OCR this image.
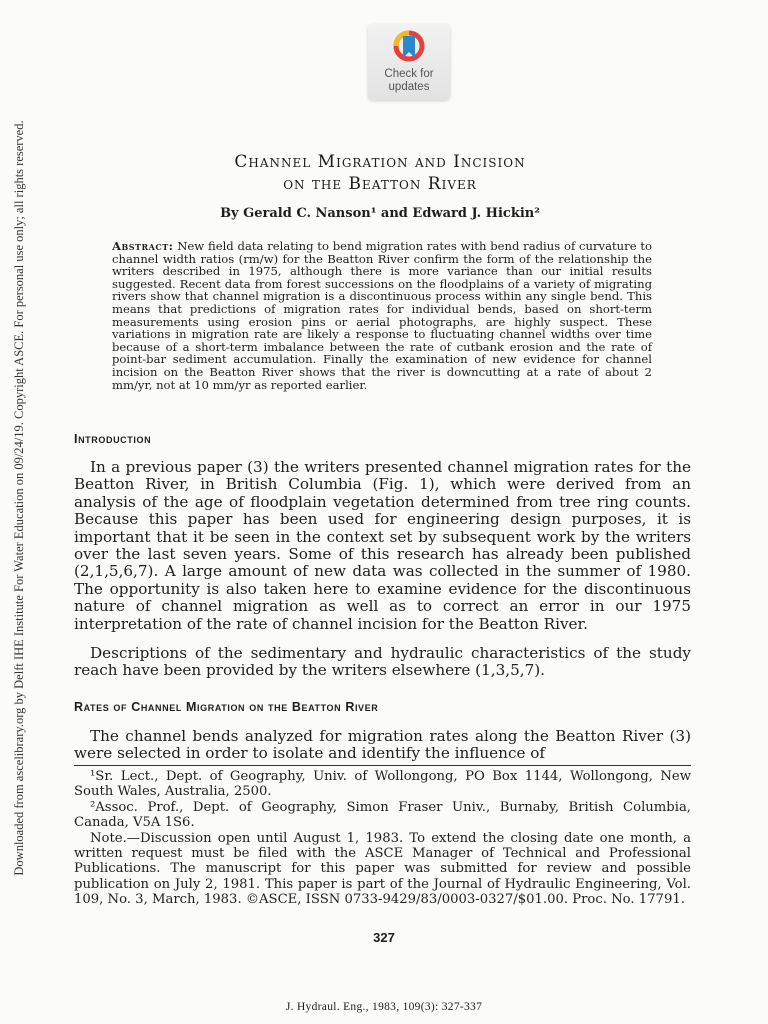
Downloaded from ascelibrary.org by Delft IHE Institute For Water Education on 09/24/19. Copyright ASCE. For personal use only; all rights reserved.
Check for
updates
Channel Migration and Incision
on the Beatton River
By Gerald C. Nanson¹ and Edward J. Hickin²
Abstract: New field data relating to bend migration rates with bend radius of curvature to channel width ratios (rm/w) for the Beatton River confirm the form of the relationship the writers described in 1975, although there is more variance than our initial results suggested. Recent data from forest successions on the floodplains of a variety of migrating rivers show that channel migration is a discontinuous process within any single bend. This means that predictions of migration rates for individual bends, based on short-term measurements using erosion pins or aerial photographs, are highly suspect. These variations in migration rate are likely a response to fluctuating channel widths over time because of a short-term imbalance between the rate of cutbank erosion and the rate of point-bar sediment accumulation. Finally the examination of new evidence for channel incision on the Beatton River shows that the river is downcutting at a rate of about 2 mm/yr, not at 10 mm/yr as reported earlier.
Introduction

In a previous paper (3) the writers presented channel migration rates for the Beatton River, in British Columbia (Fig. 1), which were derived from an analysis of the age of floodplain vegetation determined from tree ring counts. Because this paper has been used for engineering design purposes, it is important that it be seen in the context set by subsequent work by the writers over the last seven years. Some of this research has already been published (2,1,5,6,7). A large amount of new data was collected in the summer of 1980. The opportunity is also taken here to examine evidence for the discontinuous nature of channel migration as well as to correct an error in our 1975 interpretation of the rate of channel incision for the Beatton River.

Descriptions of the sedimentary and hydraulic characteristics of the study reach have been provided by the writers elsewhere (1,3,5,7).

Rates of Channel Migration on the Beatton River

The channel bends analyzed for migration rates along the Beatton River (3) were selected in order to isolate and identify the influence of

¹Sr. Lect., Dept. of Geography, Univ. of Wollongong, PO Box 1144, Wollongong, New South Wales, Australia, 2500.

²Assoc. Prof., Dept. of Geography, Simon Fraser Univ., Burnaby, British Columbia, Canada, V5A 1S6.

Note.—Discussion open until August 1, 1983. To extend the closing date one month, a written request must be filed with the ASCE Manager of Technical and Professional Publications. The manuscript for this paper was submitted for review and possible publication on July 2, 1981. This paper is part of the Journal of Hydraulic Engineering, Vol. 109, No. 3, March, 1983. ©ASCE, ISSN 0733-9429/83/0003-0327/$01.00. Proc. No. 17791.

327
J. Hydraul. Eng., 1983, 109(3): 327-337
